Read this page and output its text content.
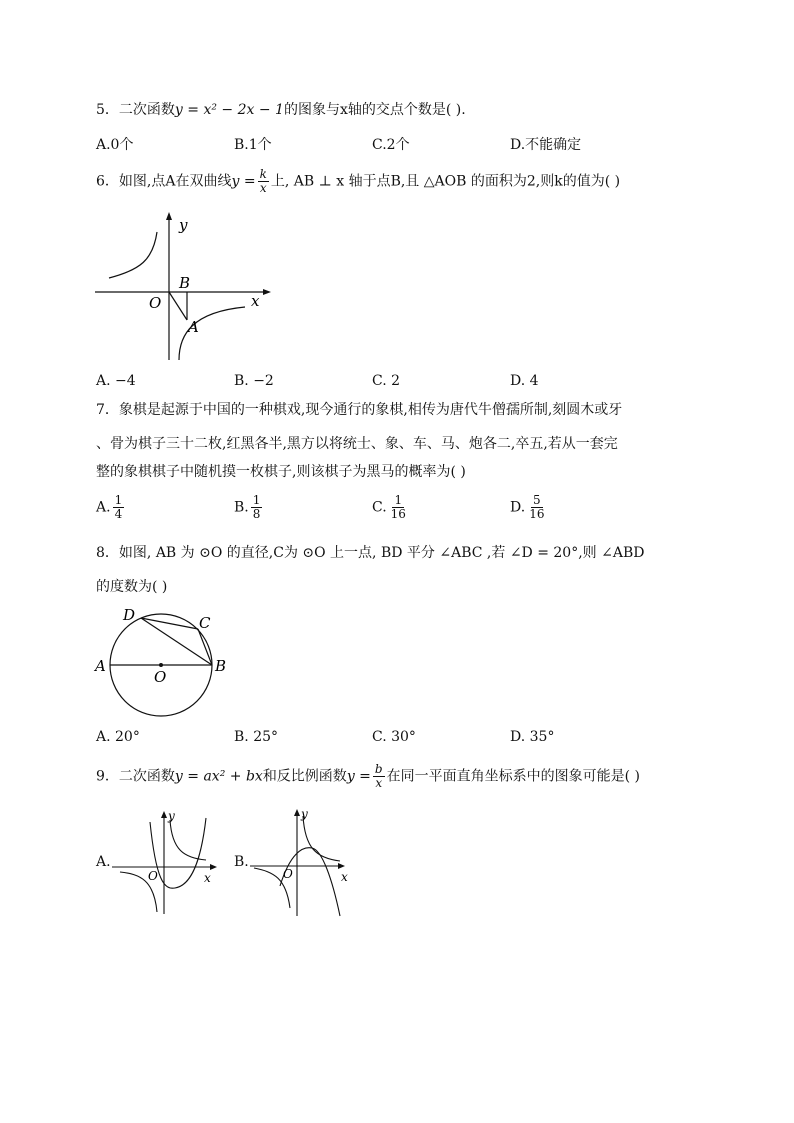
5．二次函数y = x² − 2x − 1的图象与x轴的交点个数是( ).
A.0个	B.1个	C.2个	D.不能确定
6．如图,点A在双曲线$y = \frac{k}{x}$ 上, AB ⊥ x 轴于点B,且 △AOB 的面积为2,则k的值为( )
y
x
O
B
A
A. −4	B. −2	C. 2	D. 4
7．象棋是起源于中国的一种棋戏,现今通行的象棋,相传为唐代牛僧孺所制,刻圆木或牙
、骨为棋子三十二枚,红黑各半,黑方以将统士、象、车、马、炮各二,卒五,若从一套完
整的象棋棋子中随机摸一枚棋子,则该棋子为黑马的概率为( )
A. $\frac{1}{4}$	B. $\frac{1}{8}$	C. $\frac{1}{16}$	D. $\frac{5}{16}$
8．如图, AB 为 ⊙O 的直径,C为 ⊙O 上一点, BD 平分 ∠ABC ,若 ∠D = 20°,则 ∠ABD
的度数为( )
A	B
C
D
O
A. 20°	B. 25°	C. 30°	D. 35°
9．二次函数y = ax² + bx和反比例函数$y = \frac{b}{x}$ 在同一平面直角坐标系中的图象可能是( )
A.
y
x
O
B.
y
x
O
